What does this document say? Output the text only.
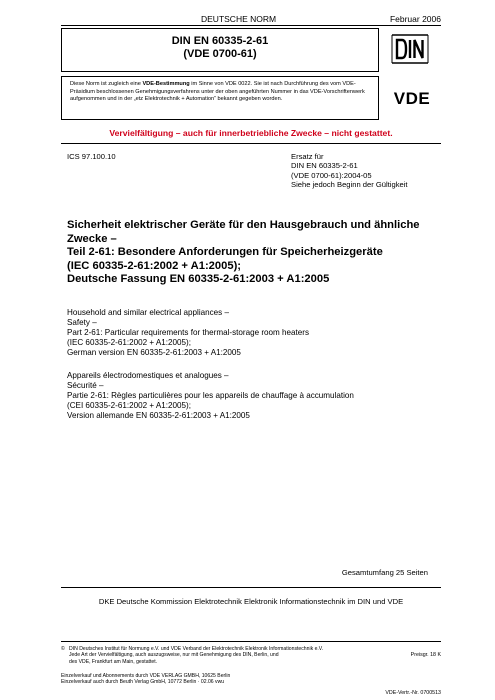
DEUTSCHE NORM	Februar 2006
DIN EN 60335-2-61
(VDE 0700-61)
Diese Norm ist zugleich eine VDE-Bestimmung im Sinne von VDE 0022. Sie ist nach Durchführung des vom VDE-Präsidium beschlossenen Genehmigungsverfahrens unter der oben angeführten Nummer in das VDE-Vorschriftenwerk aufgenommen und in der „etz Elektrotechnik + Automation“ bekannt gegeben worden.	VDE
Vervielfältigung – auch für innerbetriebliche Zwecke – nicht gestattet.
ICS 97.100.10	Ersatz für
DIN EN 60335-2-61
(VDE 0700-61):2004-05
Siehe jedoch Beginn der Gültigkeit
Sicherheit elektrischer Geräte für den Hausgebrauch und ähnliche
Zwecke –
Teil 2-61: Besondere Anforderungen für Speicherheizgeräte
(IEC 60335-2-61:2002 + A1:2005);
Deutsche Fassung EN 60335-2-61:2003 + A1:2005
Household and similar electrical appliances –
Safety –
Part 2-61: Particular requirements for thermal-storage room heaters
(IEC 60335-2-61:2002 + A1:2005);
German version EN 60335-2-61:2003 + A1:2005
Appareils électrodomestiques et analogues –
Sécurité –
Partie 2-61: Règles particulières pour les appareils de chauffage à accumulation
(CEI 60335-2-61:2002 + A1:2005);
Version allemande EN 60335-2-61:2003 + A1:2005
Gesamtumfang 25 Seiten
DKE Deutsche Kommission Elektrotechnik Elektronik Informationstechnik im DIN und VDE
© DIN Deutsches Institut für Normung e.V. und VDE Verband der Elektrotechnik Elektronik Informationstechnik e.V.
Jede Art der Vervielfältigung, auch auszugsweise, nur mit Genehmigung des DIN, Berlin, und
des VDE, Frankfurt am Main, gestattet.
Preisgr. 18 K
Einzelverkauf und Abonnements durch VDE VERLAG GMBH, 10625 Berlin
Einzelverkauf auch durch Beuth Verlag GmbH, 10772 Berlin · 02.06 vwu
VDE-Vertr.-Nr. 0700513
